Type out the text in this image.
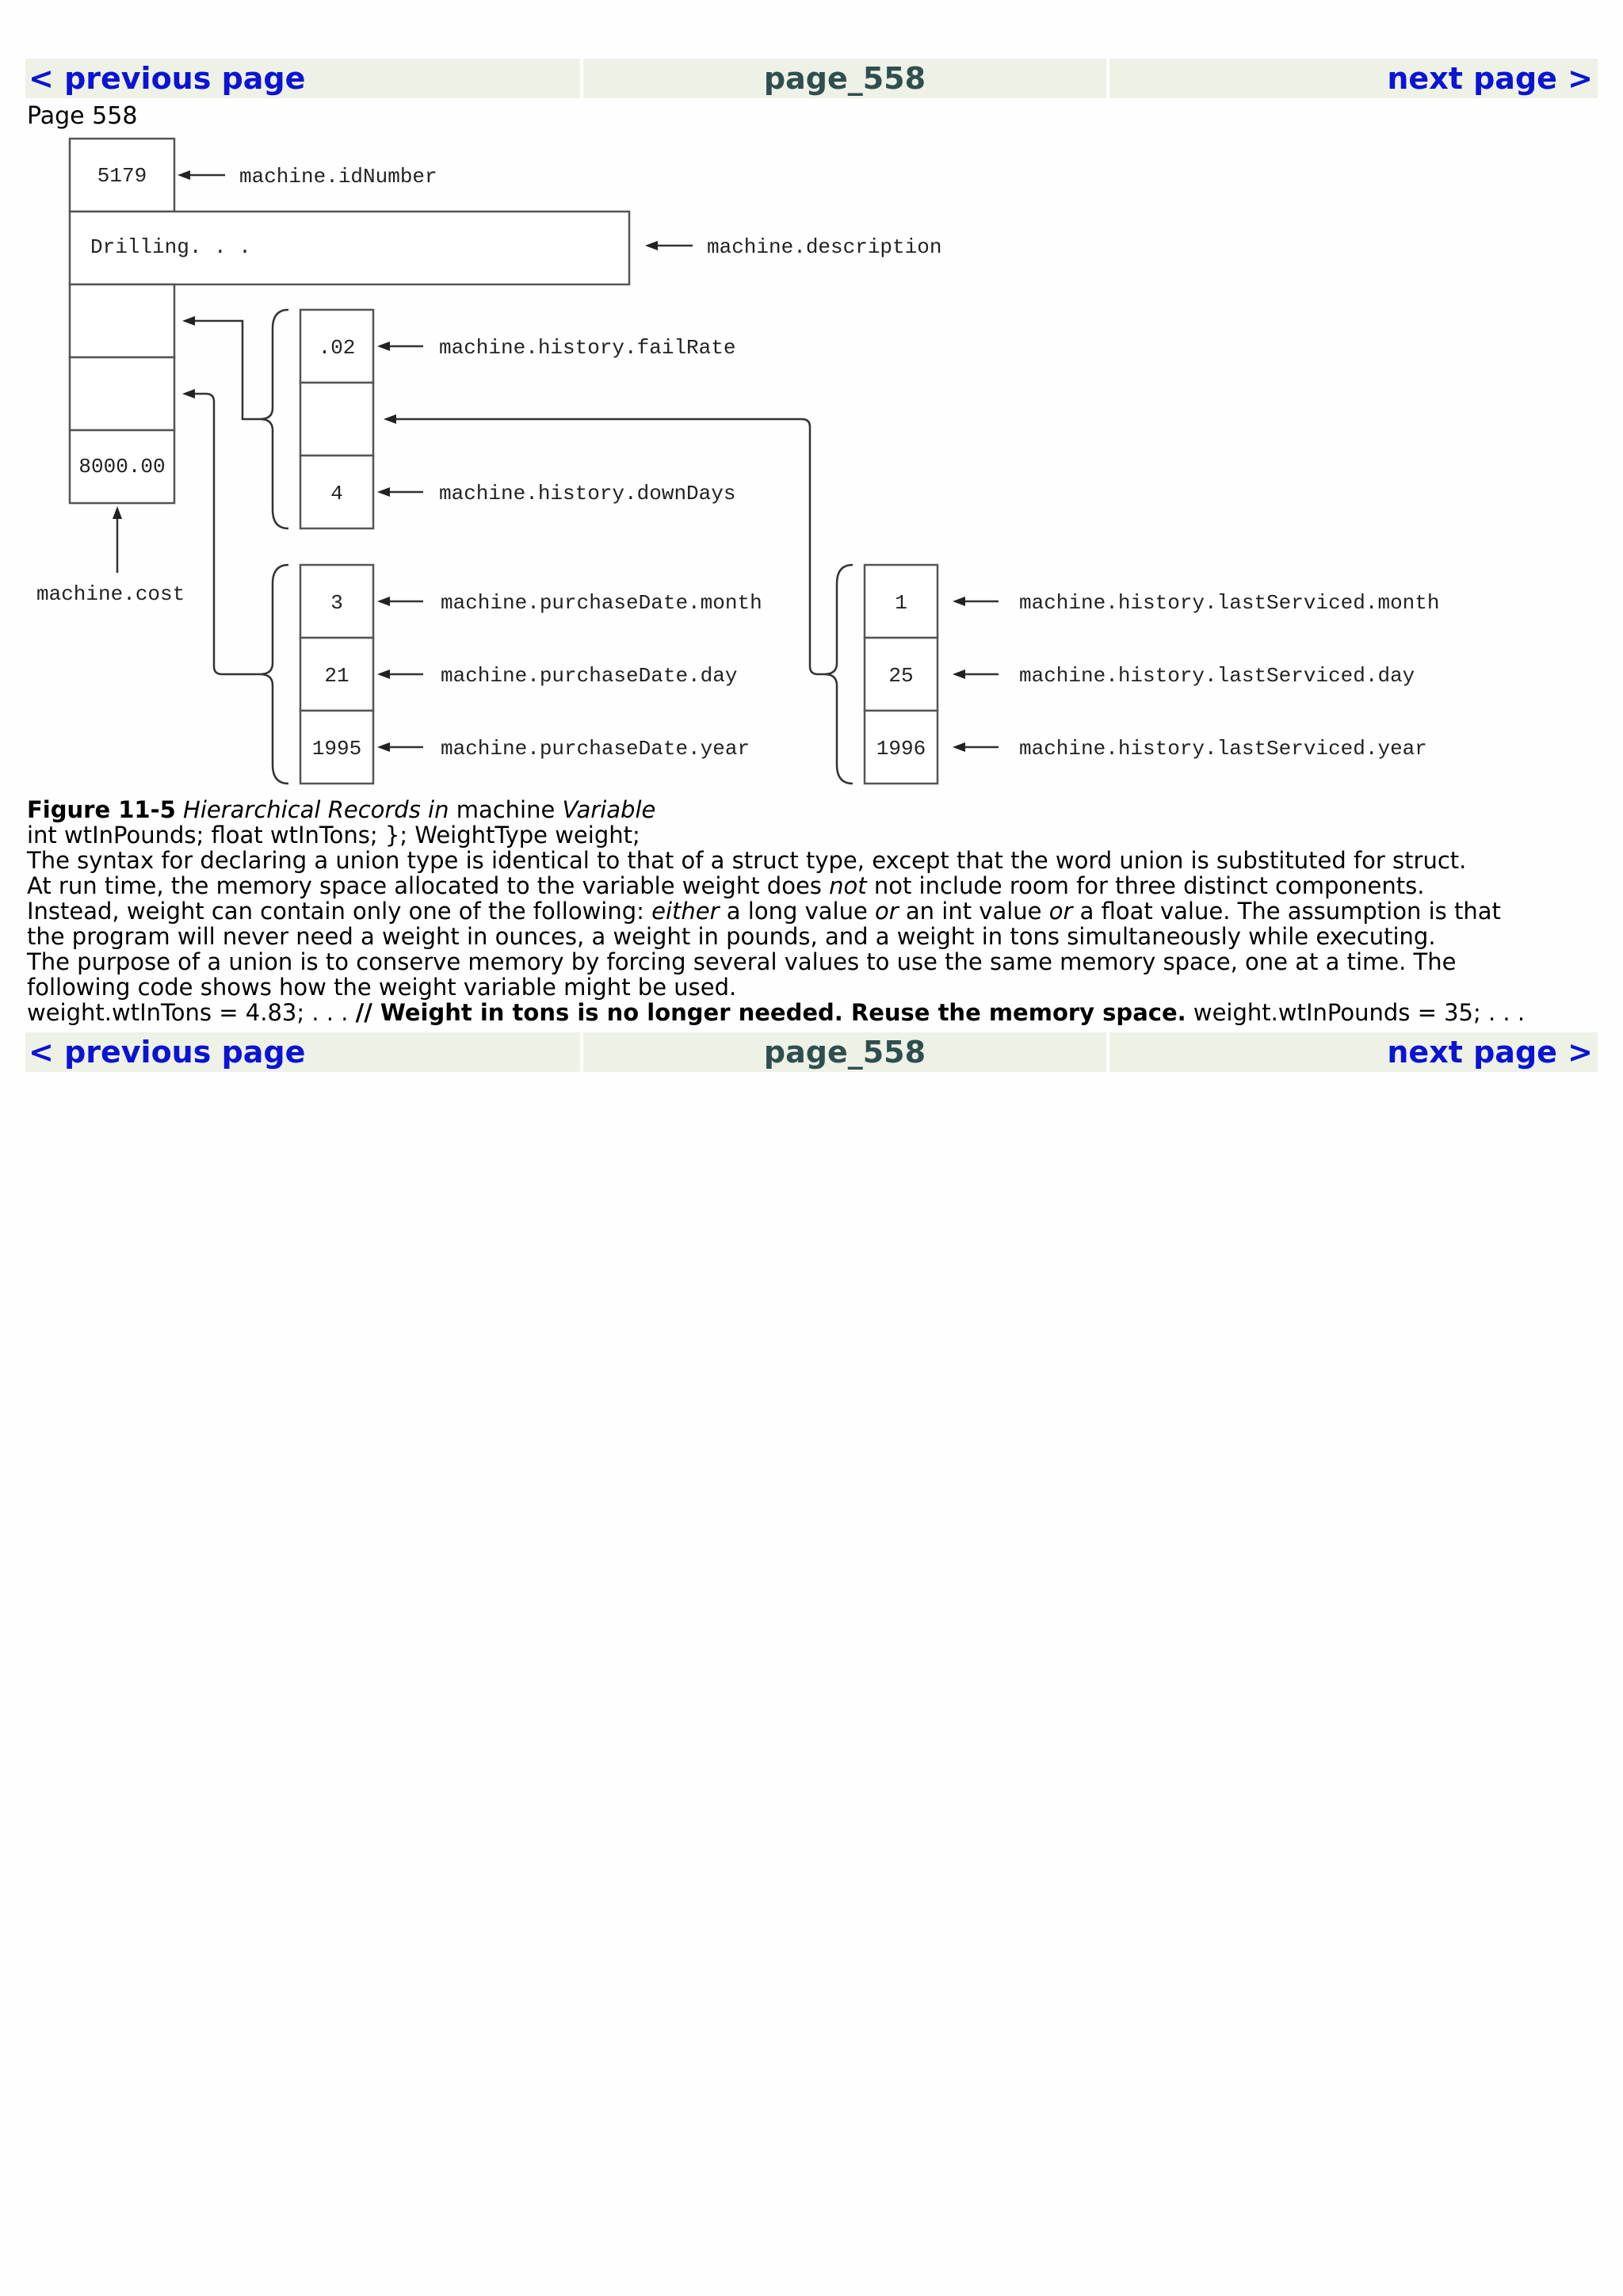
< previous page	page_558	next page >
Page 558
5179
Drilling. . .
8000.00
machine.idNumber
machine.description
machine.cost
.02
4
machine.history.failRate
machine.history.downDays
3
21
1995
machine.purchaseDate.month
machine.purchaseDate.day
machine.purchaseDate.year
1
25
1996
machine.history.lastServiced.month
machine.history.lastServiced.day
machine.history.lastServiced.year

Figure 11-5 Hierarchical Records in machine Variable

int wtInPounds; float wtInTons; }; WeightType weight;

The syntax for declaring a union type is identical to that of a struct type, except that the word union is substituted for struct.

At run time, the memory space allocated to the variable weight does not not include room for three distinct components.

Instead, weight can contain only one of the following: either a long value or an int value or a float value. The assumption is that

the program will never need a weight in ounces, a weight in pounds, and a weight in tons simultaneously while executing.

The purpose of a union is to conserve memory by forcing several values to use the same memory space, one at a time. The

following code shows how the weight variable might be used.

weight.wtInTons = 4.83; . . . // Weight in tons is no longer needed. Reuse the memory space. weight.wtInPounds = 35; . . .

< previous page	page_558	next page >
